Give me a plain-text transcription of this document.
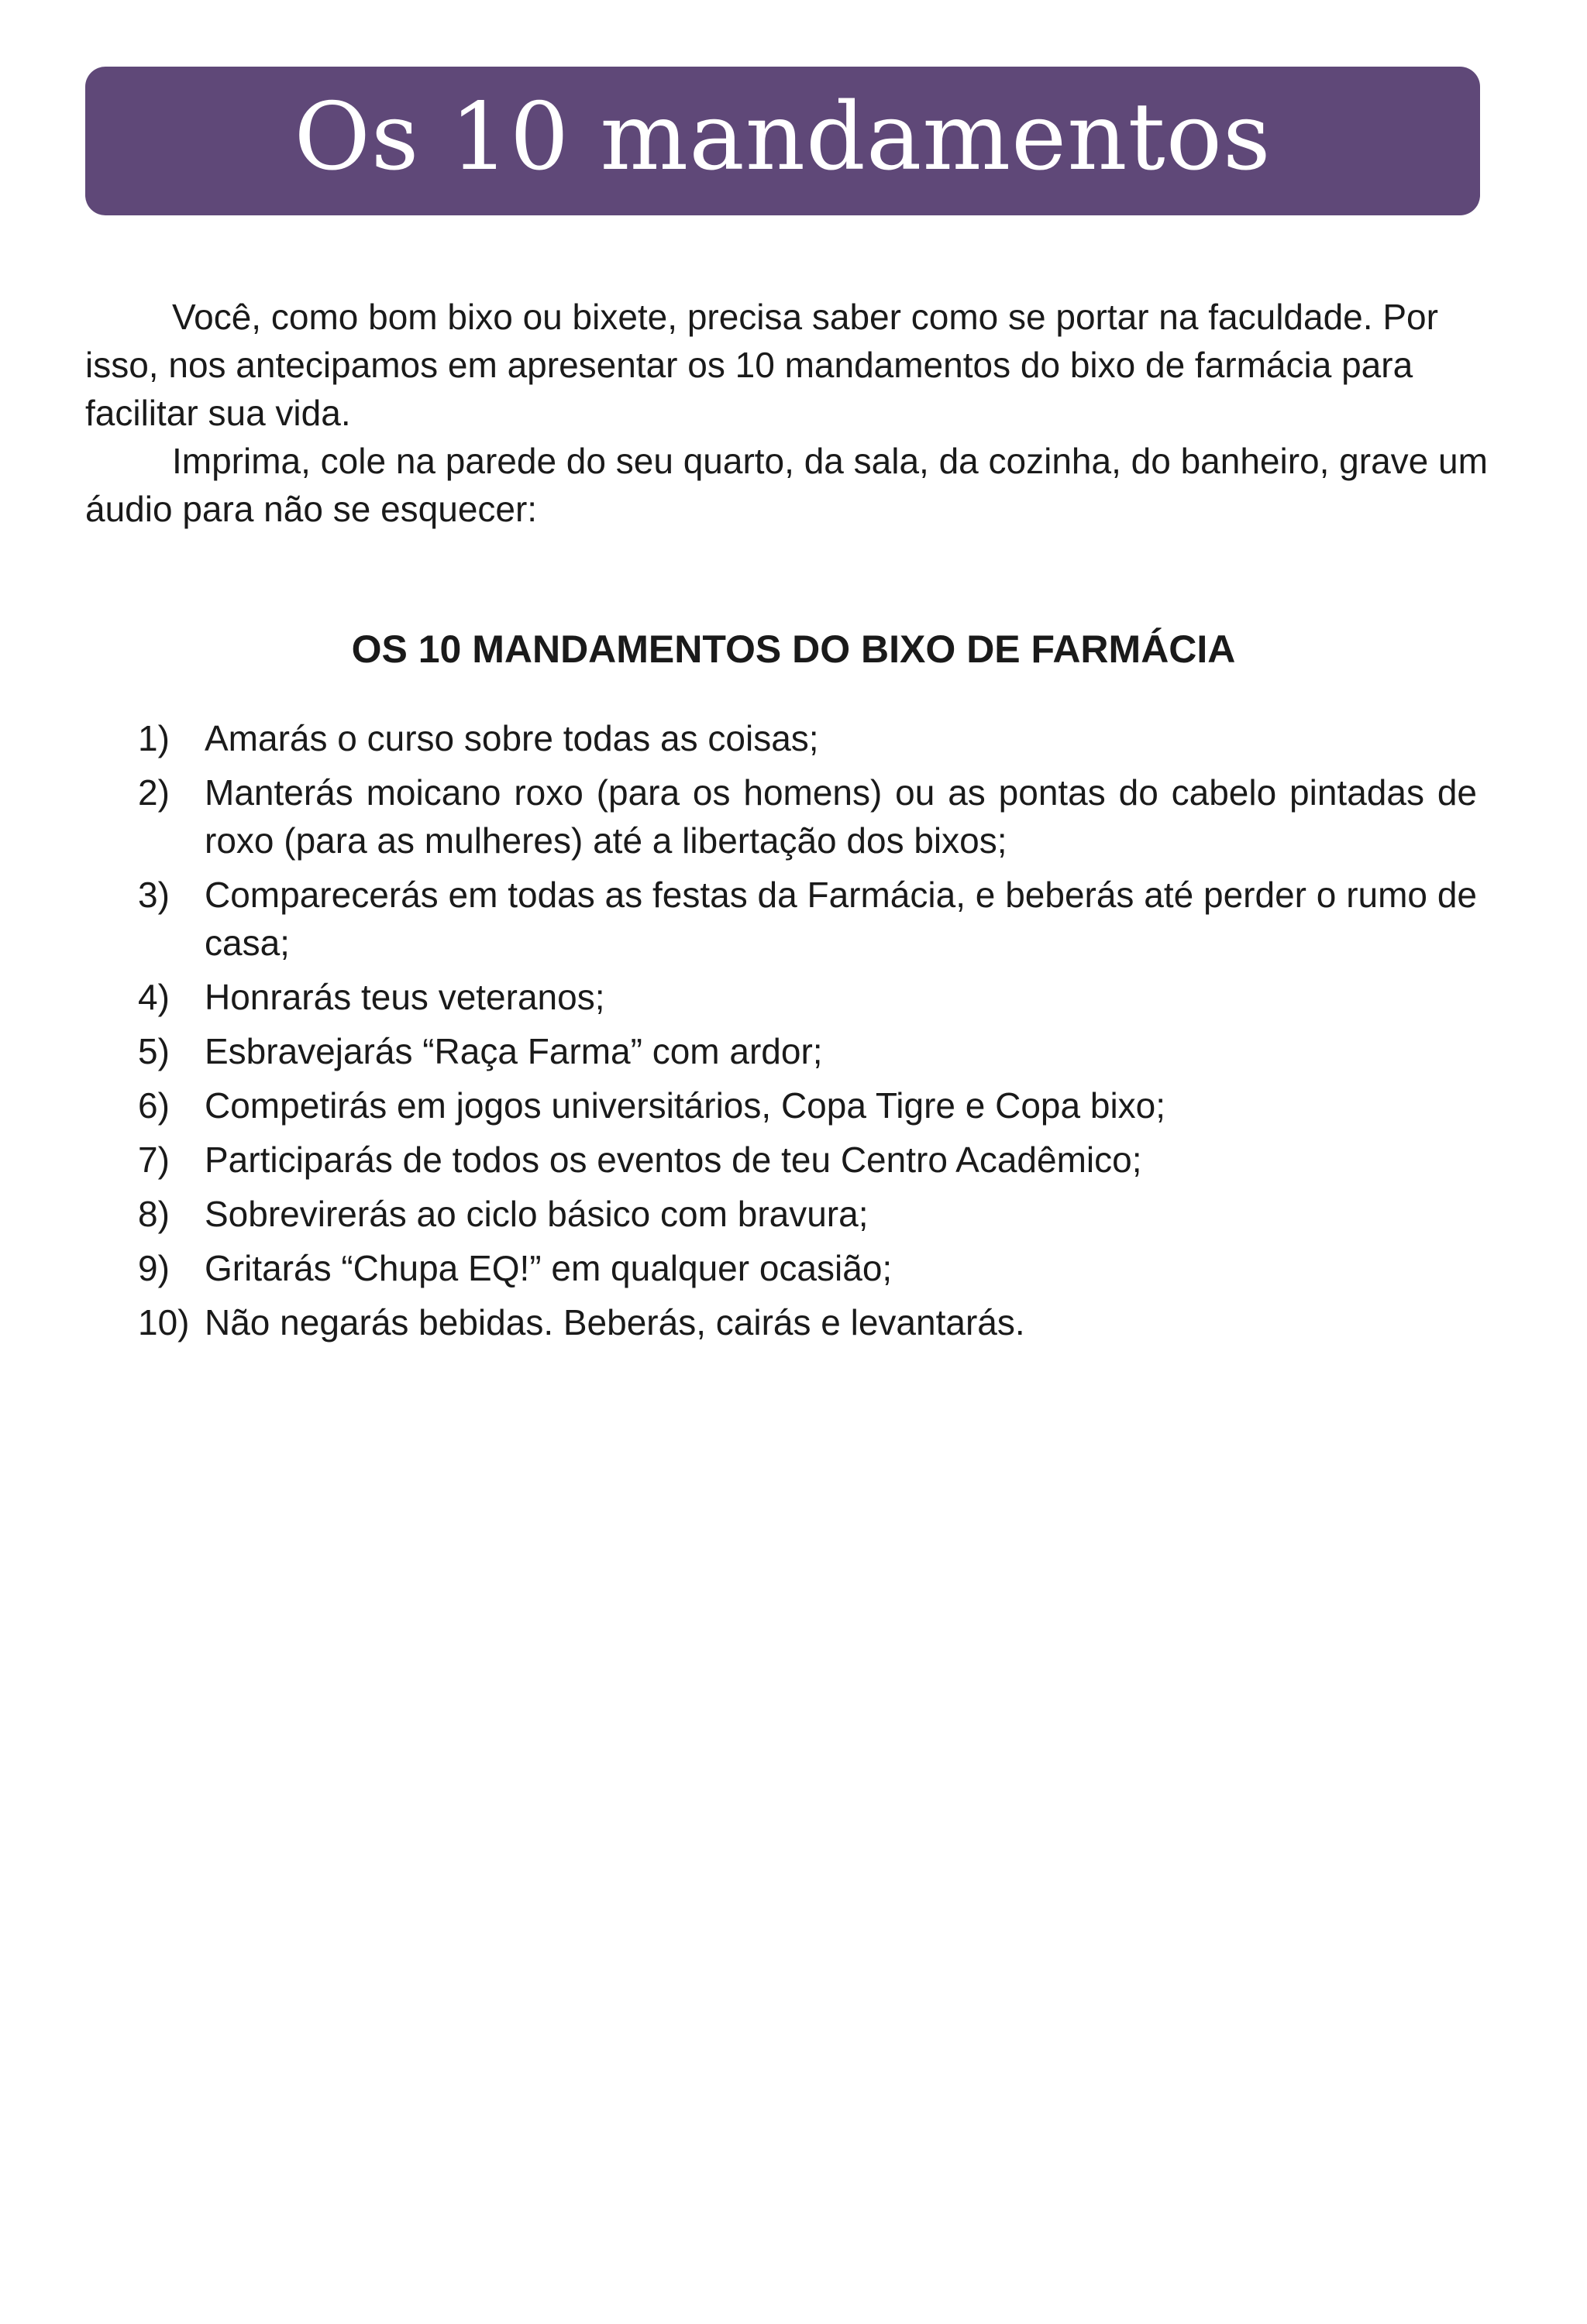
Os 10 mandamentos

Você, como bom bixo ou bixete, precisa saber como se portar na faculdade. Por isso, nos antecipamos em apresentar os 10 mandamentos do bixo de farmácia para facilitar sua vida.

Imprima, cole na parede do seu quarto, da sala, da cozinha, do banheiro, grave um áudio para não se esquecer:

OS 10 MANDAMENTOS DO BIXO DE FARMÁCIA
1) Amarás o curso sobre todas as coisas;
2) Manterás moicano roxo (para os homens) ou as pontas do cabelo pintadas de roxo (para as mulheres) até a libertação dos bixos;
3) Comparecerás em todas as festas da Farmácia, e beberás até perder o rumo de casa;
4) Honrarás teus veteranos;
5) Esbravejarás “Raça Farma” com ardor;
6) Competirás em jogos universitários, Copa Tigre e Copa bixo;
7) Participarás de todos os eventos de teu Centro Acadêmico;
8) Sobrevirerás ao ciclo básico com bravura;
9) Gritarás “Chupa EQ!” em qualquer ocasião;
10) Não negarás bebidas. Beberás, cairás e levantarás.
